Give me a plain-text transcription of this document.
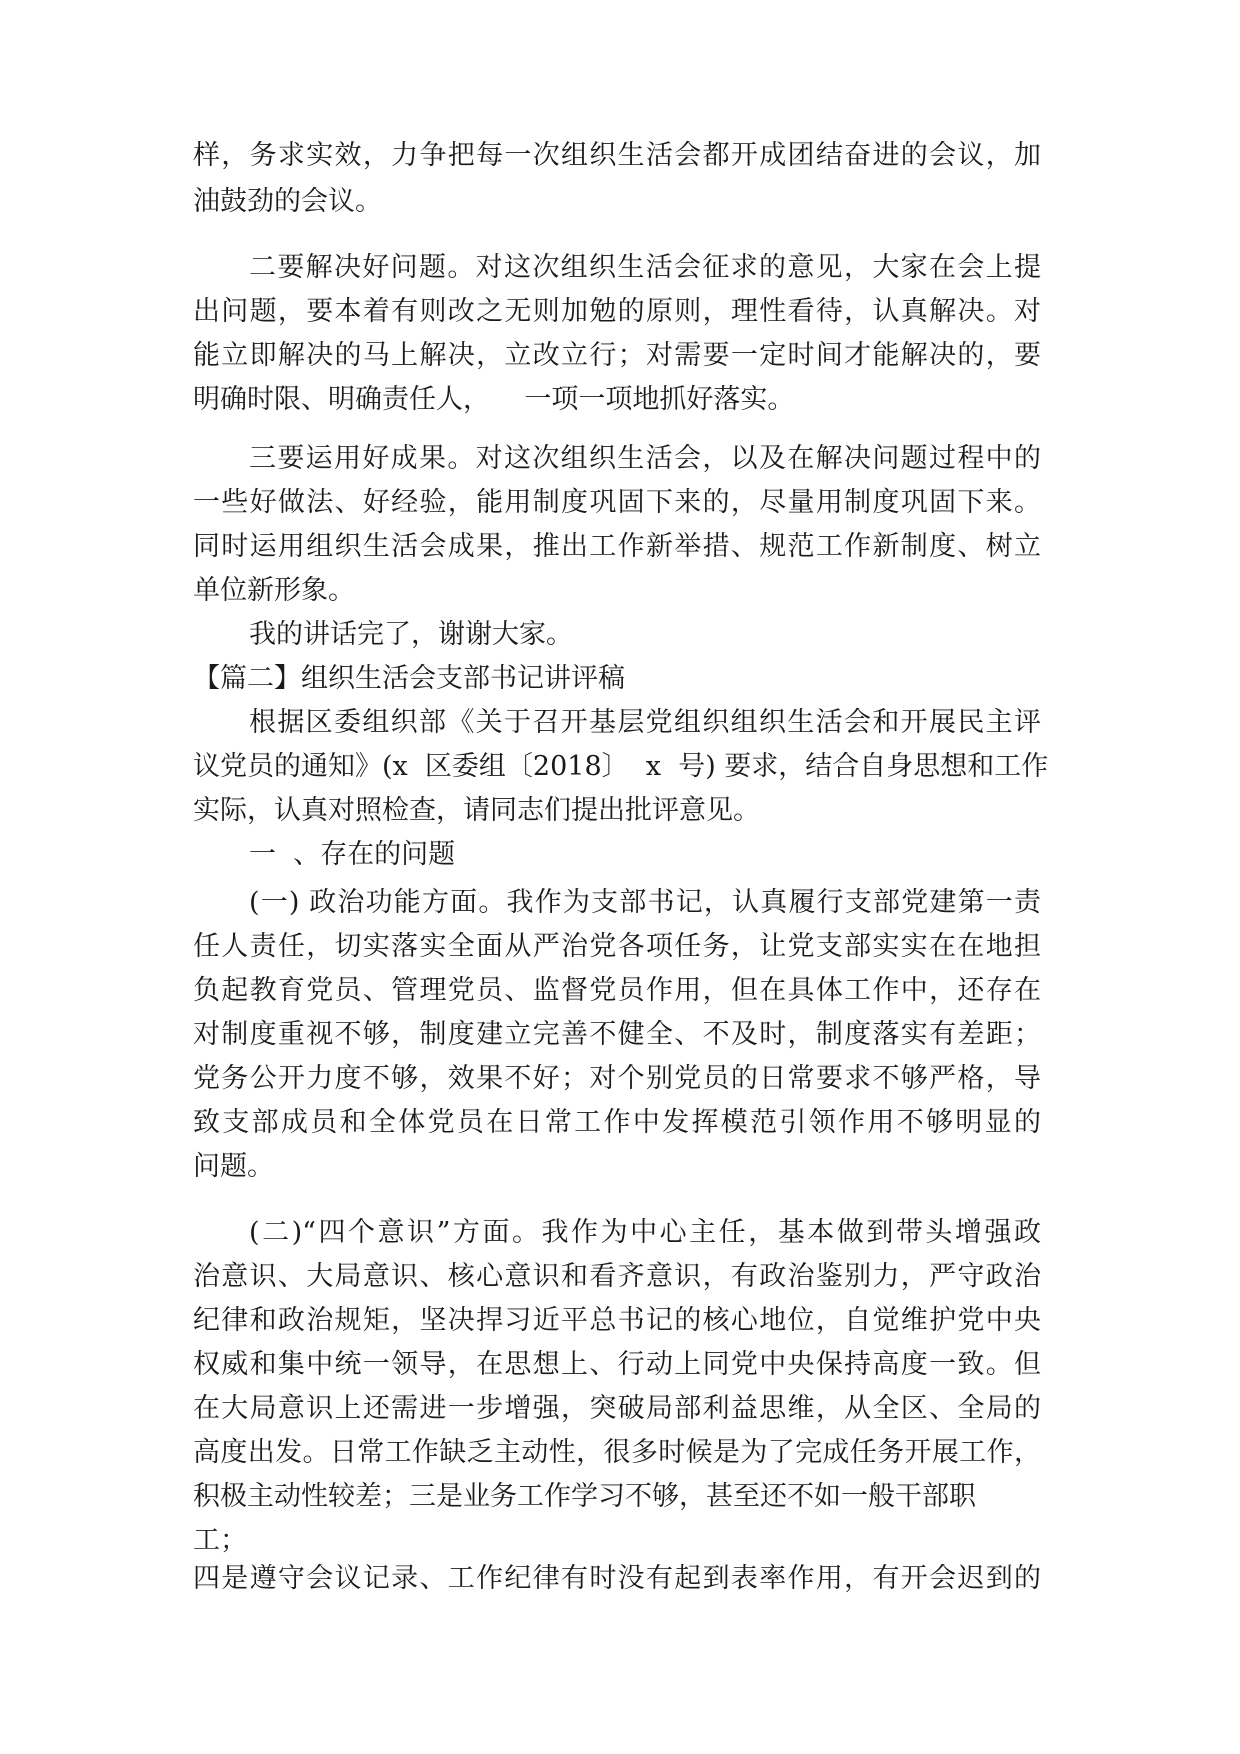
样，务求实效，力争把每一次组织生活会都开成团结奋进的会议，加
油鼓劲的会议。
二要解决好问题。对这次组织生活会征求的意见，大家在会上提
出问题，要本着有则改之无则加勉的原则，理性看待，认真解决。对
能立即解决的马上解决，立改立行；对需要一定时间才能解决的，要
明确时限、明确责任人，    一项一项地抓好落实。
三要运用好成果。对这次组织生活会，以及在解决问题过程中的
一些好做法、好经验，能用制度巩固下来的，尽量用制度巩固下来。
同时运用组织生活会成果，推出工作新举措、规范工作新制度、树立
单位新形象。
我的讲话完了，谢谢大家。
【篇二】组织生活会支部书记讲评稿
根据区委组织部《关于召开基层党组织组织生活会和开展民主评
议党员的通知》(x  区委组〔2018〕  x  号) 要求，结合自身思想和工作
实际，认真对照检查，请同志们提出批评意见。
一  、存在的问题
(一) 政治功能方面。我作为支部书记，认真履行支部党建第一责
任人责任，切实落实全面从严治党各项任务，让党支部实实在在地担
负起教育党员、管理党员、监督党员作用，但在具体工作中，还存在
对制度重视不够，制度建立完善不健全、不及时，制度落实有差距；
党务公开力度不够，效果不好；对个别党员的日常要求不够严格，导
致支部成员和全体党员在日常工作中发挥模范引领作用不够明显的
问题。
(二)“四个意识”方面。我作为中心主任，基本做到带头增强政
治意识、大局意识、核心意识和看齐意识，有政治鉴别力，严守政治
纪律和政治规矩，坚决捍习近平总书记的核心地位，自觉维护党中央
权威和集中统一领导，在思想上、行动上同党中央保持高度一致。但
在大局意识上还需进一步增强，突破局部利益思维，从全区、全局的
高度出发。日常工作缺乏主动性，很多时候是为了完成任务开展工作，
积极主动性较差；三是业务工作学习不够，甚至还不如一般干部职
工；
四是遵守会议记录、工作纪律有时没有起到表率作用，有开会迟到的
